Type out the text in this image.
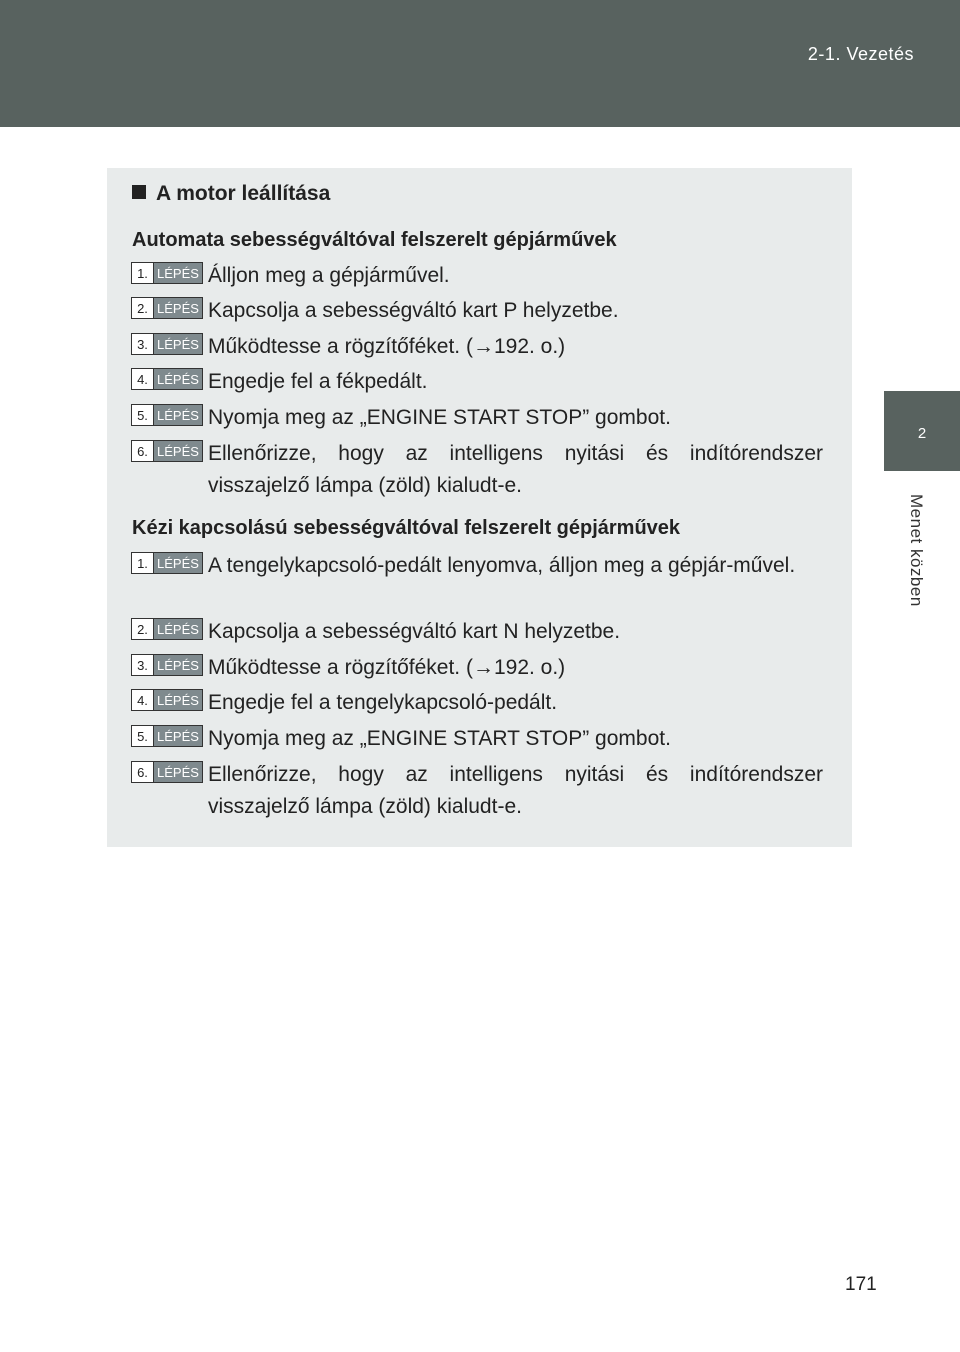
2-1. Vezetés
2
Menet közben
A motor leállítása
Automata sebességváltóval felszerelt gépjárművek
1. LÉPÉS Álljon meg a gépjárművel.
2. LÉPÉS Kapcsolja a sebességváltó kart P helyzetbe.
3. LÉPÉS Működtesse a rögzítőféket. (→192. o.)
4. LÉPÉS Engedje fel a fékpedált.
5. LÉPÉS Nyomja meg az „ENGINE START STOP” gombot.
6. LÉPÉS Ellenőrizze, hogy az intelligens nyitási és indítórendszer visszajelző lámpa (zöld) kialudt-e.
Kézi kapcsolású sebességváltóval felszerelt gépjárművek
1. LÉPÉS A tengelykapcsoló-pedált lenyomva, álljon meg a gépjár-művel.
2. LÉPÉS Kapcsolja a sebességváltó kart N helyzetbe.
3. LÉPÉS Működtesse a rögzítőféket. (→192. o.)
4. LÉPÉS Engedje fel a tengelykapcsoló-pedált.
5. LÉPÉS Nyomja meg az „ENGINE START STOP” gombot.
6. LÉPÉS Ellenőrizze, hogy az intelligens nyitási és indítórendszer visszajelző lámpa (zöld) kialudt-e.
171
